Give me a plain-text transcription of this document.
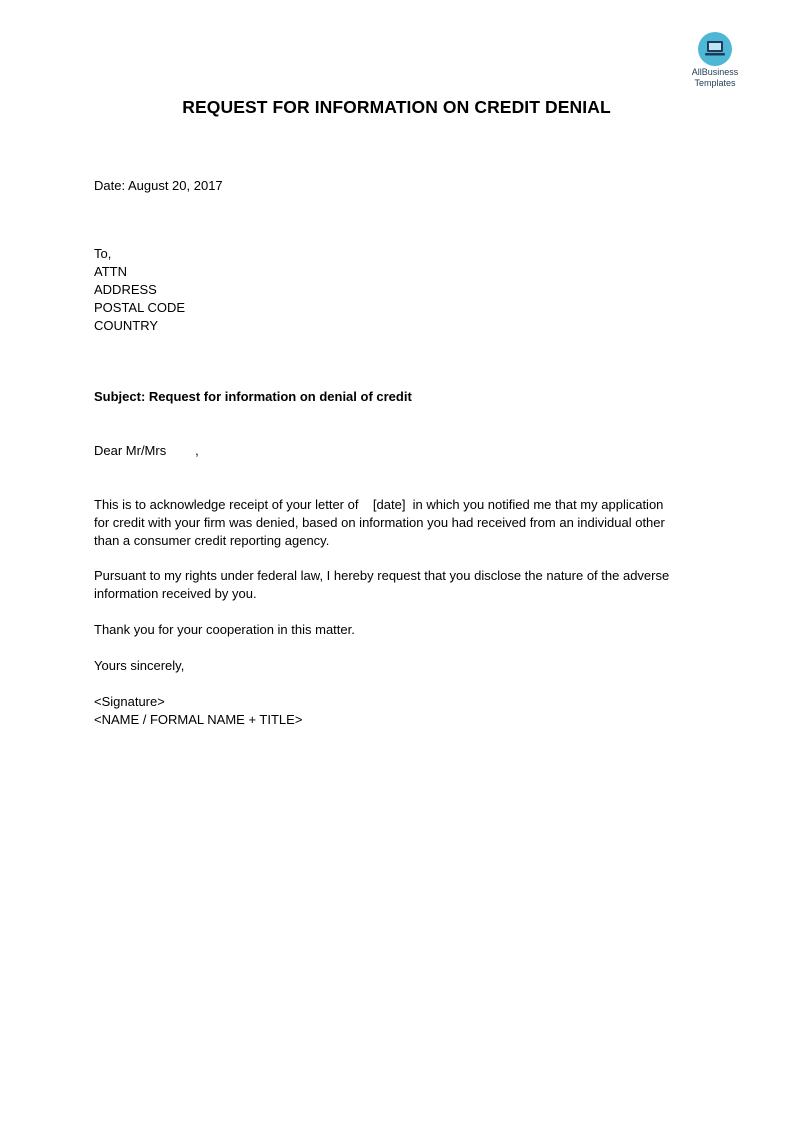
AllBusiness
Templates
REQUEST FOR INFORMATION ON CREDIT DENIAL
Date: August 20, 2017
To,
ATTN
ADDRESS
POSTAL CODE
COUNTRY
Subject: Request for information on denial of credit
Dear Mr/Mrs        ,
This is to acknowledge receipt of your letter of    [date]  in which you notified me that my application
for credit with your firm was denied, based on information you had received from an individual other
than a consumer credit reporting agency.
Pursuant to my rights under federal law, I hereby request that you disclose the nature of the adverse
information received by you.
Thank you for your cooperation in this matter.
Yours sincerely,
<Signature>
<NAME / FORMAL NAME + TITLE>
